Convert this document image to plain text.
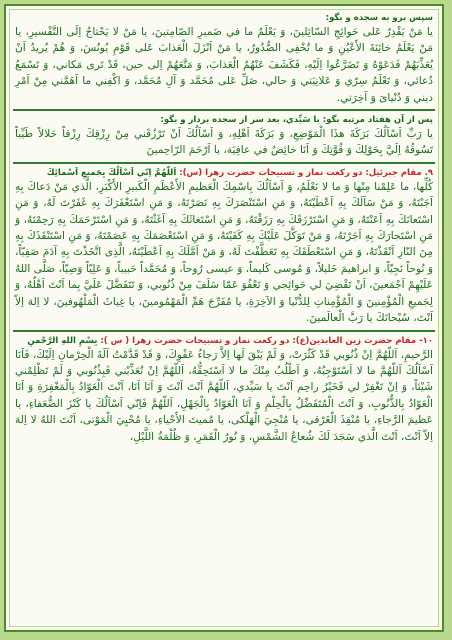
سپس برو به سجده و بگو:

يا مَنْ يَقْدِرُ عَلى حَوائِجِ السّائِلينَ، وَ يَعْلَمُ ما في ضَميرِ الصّامِتينَ، يا مَنْ لا يَحْتاجُ اِلَى التَّفْسيرِ، يا مَنْ يَعْلَمُ خائِنَةَ الأَعْيُنِ وَ ما تُخْفِى الصُّدُورُ، يا مَنْ اَنْزَلَ الْعَذابَ عَلى قَوْمِ يُونُسَ، وَ هُمْ يُريدُ اَنْ يُعَذِّبَهُمْ فَدَعَوْهُ وَ تَضَرَّعُوا اِلَيْهِ، فَكَشَفَ عَنْهُمُ الْعَذابَ، وَ مَتَّعَهُمْ اِلى حين، قَدْ تَرى مَكاني، وَ تَسْمَعُ دُعائي، وَ تَعْلَمُ سِرّي وَ عَلانِيَتي وَ حالي، صَلِّ عَلى مُحَمَّد وَ آلِ مُحَمَّد، وَ اكْفِني ما اَهَمَّني مِنْ اَمْرِ ديني وَ دُنْياىَ وَ آخِرَتي.

پس از آن هفتاد مرتبه بگو: يا سَيِّدي، بعد سر از سجده بردار و بگو:

يا رَبِّ اَسْاَلُكَ بَرَكَةَ هذَا الْمَوْضِعِ، وَ بَرَكَةَ اَهْلِهِ، وَ اَسْاَلُكَ اَنْ تَرْزُقَني مِنْ رِزْقِكَ رِزْقاً حَلالاً طَيِّباً تَسُوقُهُ اِلَيَّ بِحَوْلِكَ وَ قُوَّتِكَ وَ اَنَا خائِضٌ في عافِيَة، يا اَرْحَمَ الرّاحِمينَ

۹. مقام جبرئيل: دو ركعت نماز و تسبيحات حضرت زهرا (س): اَللّهُمَّ اِنّي اَسْاَلُكَ بِجَميعِ اَسْمائِكَ

كُلِّها، ما عَلِمْنا مِنْها وَ ما لا نَعْلَمُ، وَ اَسْاَلُكَ بِاسْمِكَ الْعَظيمِ الأَعْظَمِ الْكَبيرِ الأَكْبَرِ، الَّذي مَنْ دَعاكَ بِهِ اَجَبْتَهُ، وَ مَنْ سَاَلَكَ بِهِ اَعْطَيْتَهُ، وَ مَنِ اسْتَنْصَرَكَ بِهِ نَصَرْتَهُ، وَ مَنِ اسْتَغْفَرَكَ بِهِ غَفَرْتَ لَهُ، وَ مَنِ اسْتَعانَكَ بِهِ اَعَنْتَهُ، وَ مَنِ اسْتَرْزَقَكَ بِهِ رَزَقْتَهُ، وَ مَنِ اسْتَغاثَكَ بِهِ اَغَثْتَهُ، وَ مَنِ اسْتَرْحَمَكَ بِهِ رَحِمْتَهُ، وَ مَنِ اسْتَجارَكَ بِهِ اَجَرْتَهُ، وَ مَنْ تَوَكَّلَ عَلَيْكَ بِهِ كَفَيْتَهُ، وَ مَنِ اسْتَعْصَمَكَ بِهِ عَصَمْتَهُ، وَ مَنِ اسْتَنْقَذَكَ بِهِ مِنَ النّارِ اَنْقَذْتَهُ، وَ مَنِ اسْتَعْطَفَكَ بِهِ تَعَطَّفْتَ لَهُ، وَ مَنْ اَمَّلَكَ بِهِ اَعْطَيْتَهُ، الَّذِى اتَّخَذْتَ بِهِ آدَمَ صَفِيّاً، وَ نُوحاً نَجِيّاً، وَ ابراهيمَ خَليلاً، وَ مُوسى كَليماً، وَ عيسى رُوحاً، وَ مُحَمَّداً حَبيباً، وَ عَلِيّاً وَصِيّاً، صَلَّى اللهُ عَلَيْهِمْ اَجْمَعينَ، اَنْ تَقْضِيَ لي حَوائِجي وَ تَعْفُوَ عَمّا سَلَفَ مِنْ ذُنُوبي، وَ تَتَفَضَّلَ عَلَيَّ بِما اَنْتَ اَهْلُهُ، وَ لِجَميعِ الْمُؤْمِنينَ وَ الْمُؤْمِناتِ لِلدُّنْيا وَ الآخِرَةِ، يا مُفَرِّجَ هَمِّ الْمَهْمُومينَ، يا غِياثَ الْمَلْهُوفينَ، لا اِلهَ اِلاّ اَنْتَ، سُبْحانَكَ يا رَبَّ الْعالَمينَ.

۱۰- مقام حضرت زين العابدين(ع): دو ركعت نماز و تسبيحات حضرت زهرا ( س ): بِسْمِ اللهِ الرَّحْمنِ

الرَّحيمِ، اَللّهُمَّ اِنْ ذُنُوبي قَدْ كَثُرَتْ، وَ لَمْ يَبْقَ لَها اِلاَّ رَجاءُ عَفْوِكَ، وَ قَدْ قَدَّمْتُ آلَةَ الْحِرْمانِ اِلَيْكَ، فَاَنَا اَسْاَلُكَ اَللّهُمَّ ما لا اَسْتَوْجِبُهُ، وَ اَطْلُبُ مِنْكَ ما لا اَسْتَحِقُّهُ، اَللّهُمَّ اِنْ تُعَذِّبْني فَبِذُنُوبي وَ لَمْ تَظْلِمْني شَيْئاً، وَ اِنْ تَغْفِرْ لي فَخَيْرُ راحِم اَنْتَ يا سَيِّدي، اَللّهُمَّ اَنْتَ اَنْتَ وَ اَنَا اَنَا، اَنْتَ الْعَوّادُ بِالْمَغْفِرَةِ وَ اَنَا الْعَوّادُ بِالذُّنُوبِ، وَ اَنْتَ الْمُتَفَضِّلُ بِالْحِلْمِ وَ اَنَا الْعَوّادُ بِالْجَهْلِ، اَللّهُمَّ فَاِنّي اَسْاَلُكَ يا كَنْزَ الضُّعَفاءِ، يا عَظيمَ الرَّجاءِ، يا مُنْقِذَ الْغَرْقى، يا مُنْجِيَ الْهَلْكى، يا مُميتَ الأَحْياءِ، يا مُحْيِيَ الْمَوْتى، اَنْتَ اللهُ لا اِلهَ اِلاّ اَنْتَ، اَنْتَ الَّذي سَجَدَ لَكَ شُعاعُ الشَّمْسِ، وَ نُورُ الْقَمَرِ، وَ ظُلْمَةُ اللَّيْلِ،
